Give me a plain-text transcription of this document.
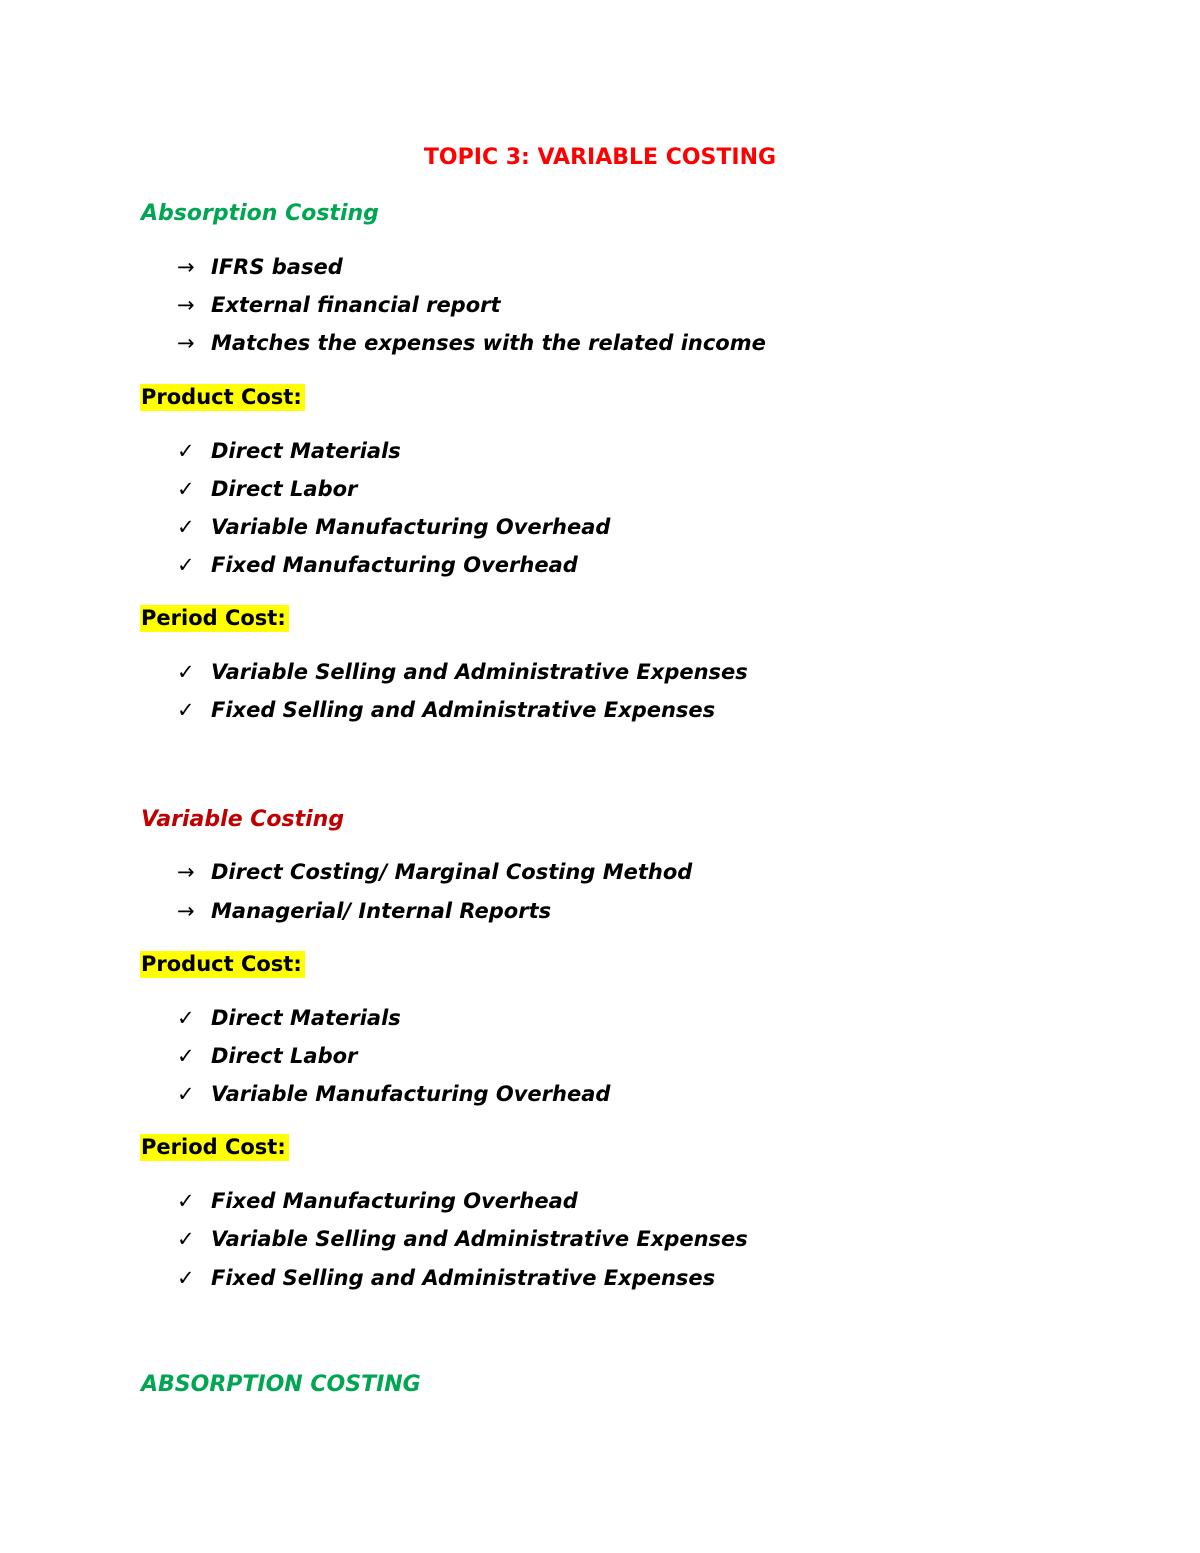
TOPIC 3: VARIABLE COSTING
Absorption Costing
→ IFRS based
→ External financial report
→ Matches the expenses with the related income
Product Cost:
✓ Direct Materials
✓ Direct Labor
✓ Variable Manufacturing Overhead
✓ Fixed Manufacturing Overhead
Period Cost:
✓ Variable Selling and Administrative Expenses
✓ Fixed Selling and Administrative Expenses
Variable Costing
→ Direct Costing/ Marginal Costing Method
→ Managerial/ Internal Reports
Product Cost:
✓ Direct Materials
✓ Direct Labor
✓ Variable Manufacturing Overhead
Period Cost:
✓ Fixed Manufacturing Overhead
✓ Variable Selling and Administrative Expenses
✓ Fixed Selling and Administrative Expenses
ABSORPTION COSTING
